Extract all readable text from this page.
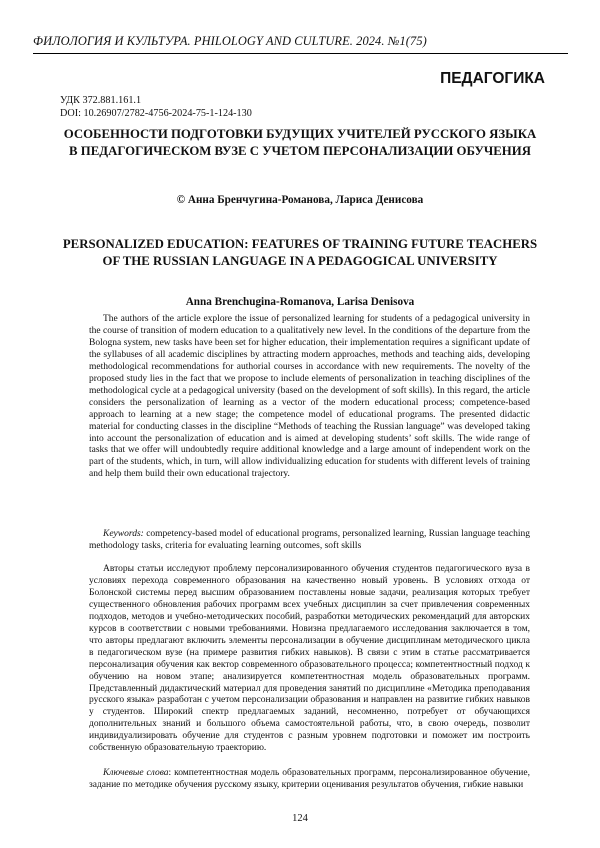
ФИЛОЛОГИЯ И КУЛЬТУРА. PHILOLOGY AND CULTURE. 2024. №1(75)
ПЕДАГОГИКА
УДК 372.881.161.1
DOI: 10.26907/2782-4756-2024-75-1-124-130
ОСОБЕННОСТИ ПОДГОТОВКИ БУДУЩИХ УЧИТЕЛЕЙ РУССКОГО ЯЗЫКА В ПЕДАГОГИЧЕСКОМ ВУЗЕ С УЧЕТОМ ПЕРСОНАЛИЗАЦИИ ОБУЧЕНИЯ
© Анна Бренчугина-Романова, Лариса Денисова
PERSONALIZED EDUCATION: FEATURES OF TRAINING FUTURE TEACHERS OF THE RUSSIAN LANGUAGE IN A PEDAGOGICAL UNIVERSITY
Anna Brenchugina-Romanova, Larisa Denisova

The authors of the article explore the issue of personalized learning for students of a pedagogical university in the course of transition of modern education to a qualitatively new level. In the conditions of the departure from the Bologna system, new tasks have been set for higher education, their implementation requires a significant update of the syllabuses of all academic disciplines by attracting modern approaches, methods and teaching aids, developing methodological recommendations for authorial courses in accordance with new requirements. The novelty of the proposed study lies in the fact that we propose to include elements of personalization in teaching disciplines of the methodological cycle at a pedagogical university (based on the development of soft skills). In this regard, the article considers the personalization of learning as a vector of the modern educational process; competence-based approach to learning at a new stage; the competence model of educational programs. The presented didactic material for conducting classes in the discipline “Methods of teaching the Russian language” was developed taking into account the personalization of education and is aimed at developing students’ soft skills. The wide range of tasks that we offer will undoubtedly require additional knowledge and a large amount of independent work on the part of the students, which, in turn, will allow individualizing education for students with different levels of training and help them build their own educational trajectory.

Keywords: competency-based model of educational programs, personalized learning, Russian language teaching methodology tasks, criteria for evaluating learning outcomes, soft skills

Авторы статьи исследуют проблему персонализированного обучения студентов педагогического вуза в условиях перехода современного образования на качественно новый уровень. В условиях отхода от Болонской системы перед высшим образованием поставлены новые задачи, реализация которых требует существенного обновления рабочих программ всех учебных дисциплин за счет привлечения современных подходов, методов и учебно-методических пособий, разработки методических рекомендаций для авторских курсов в соответствии с новыми требованиями. Новизна предлагаемого исследования заключается в том, что авторы предлагают включить элементы персонализации в обучение дисциплинам методического цикла в педагогическом вузе (на примере развития гибких навыков). В связи с этим в статье рассматривается персонализация обучения как вектор современного образовательного процесса; компетентностный подход к обучению на новом этапе; анализируется компетентностная модель образовательных программ. Представленный дидактический материал для проведения занятий по дисциплине «Методика преподавания русского языка» разработан с учетом персонализации образования и направлен на развитие гибких навыков у студентов. Широкий спектр предлагаемых заданий, несомненно, потребует от обучающихся дополнительных знаний и большого объема самостоятельной работы, что, в свою очередь, позволит индивидуализировать обучение для студентов с разным уровнем подготовки и поможет им построить собственную образовательную траекторию.

Ключевые слова: компетентностная модель образовательных программ, персонализированное обучение, задание по методике обучения русскому языку, критерии оценивания результатов обучения, гибкие навыки

124
